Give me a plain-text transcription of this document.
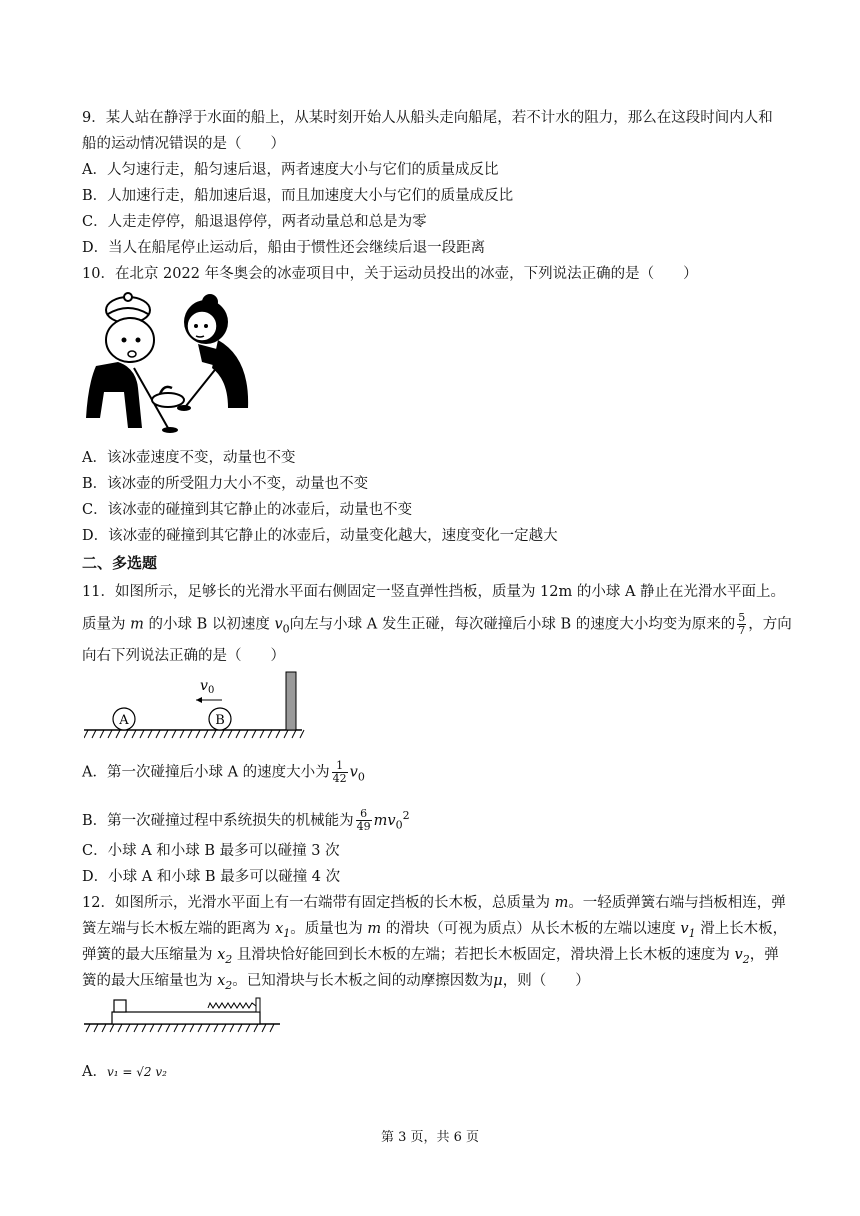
9．某人站在静浮于水面的船上，从某时刻开始人从船头走向船尾，若不计水的阻力，那么在这段时间内人和
船的运动情况错误的是（　　）
A．人匀速行走，船匀速后退，两者速度大小与它们的质量成反比
B．人加速行走，船加速后退，而且加速度大小与它们的质量成反比
C．人走走停停，船退退停停，两者动量总和总是为零
D．当人在船尾停止运动后，船由于惯性还会继续后退一段距离
10．在北京 2022 年冬奥会的冰壶项目中，关于运动员投出的冰壶，下列说法正确的是（　　）
A．该冰壶速度不变，动量也不变
B．该冰壶的所受阻力大小不变，动量也不变
C．该冰壶的碰撞到其它静止的冰壶后，动量也不变
D．该冰壶的碰撞到其它静止的冰壶后，动量变化越大，速度变化一定越大
二、多选题
11．如图所示，足够长的光滑水平面右侧固定一竖直弹性挡板，质量为 12m 的小球 A 静止在光滑水平面上。
质量为 m 的小球 B 以初速度 $v_0$向左与小球 A 发生正碰，每次碰撞后小球 B 的速度大小均变为原来的 $\frac{5}{7}$ ，方向
向右下列说法正确的是（　　）
A	B
v 0
A．第一次碰撞后小球 A 的速度大小为 $\frac{1}{42} v_0$
B．第一次碰撞过程中系统损失的机械能为 $\frac{6}{49} mv_0^2$
C．小球 A 和小球 B 最多可以碰撞 3 次
D．小球 A 和小球 B 最多可以碰撞 4 次
12．如图所示，光滑水平面上有一右端带有固定挡板的长木板，总质量为 m。一轻质弹簧右端与挡板相连，弹
簧左端与长木板左端的距离为 $x_1$。质量也为 m 的滑块（可视为质点）从长木板的左端以速度 $v_1$ 滑上长木板，
弹簧的最大压缩量为 $x_2$ 且滑块恰好能回到长木板的左端；若把长木板固定，滑块滑上长木板的速度为 $v_2$，弹
簧的最大压缩量也为 $x_2$。已知滑块与长木板之间的动摩擦因数为μ，则（　　）
A．v₁ = √2 v₂
第 3 页，共 6 页
